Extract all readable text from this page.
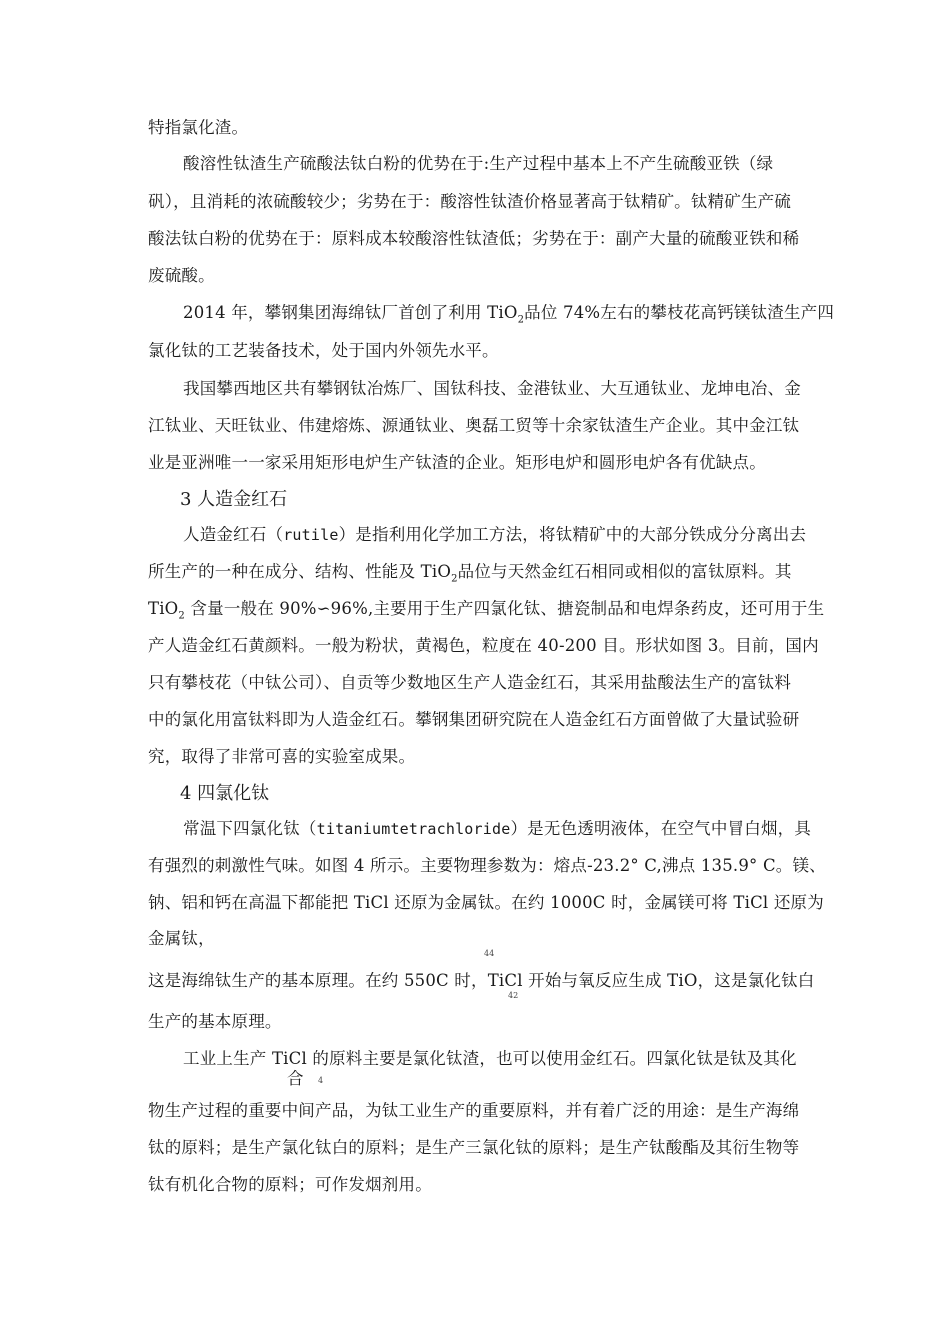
特指氯化渣。
酸溶性钛渣生产硫酸法钛白粉的优势在于:生产过程中基本上不产生硫酸亚铁（绿
矾），且消耗的浓硫酸较少；劣势在于：酸溶性钛渣价格显著高于钛精矿。钛精矿生产硫
酸法钛白粉的优势在于：原料成本较酸溶性钛渣低；劣势在于：副产大量的硫酸亚铁和稀
废硫酸。
2014 年，攀钢集团海绵钛厂首创了利用 TiO$_2$品位 74%左右的攀枝花高钙镁钛渣生产四
氯化钛的工艺装备技术，处于国内外领先水平。
我国攀西地区共有攀钢钛冶炼厂、国钛科技、金港钛业、大互通钛业、龙坤电冶、金
江钛业、天旺钛业、伟建熔炼、源通钛业、奥磊工贸等十余家钛渣生产企业。其中金江钛
业是亚洲唯一一家采用矩形电炉生产钛渣的企业。矩形电炉和圆形电炉各有优缺点。
3 人造金红石
人造金红石（rutile）是指利用化学加工方法，将钛精矿中的大部分铁成分分离出去
所生产的一种在成分、结构、性能及 TiO$_2$品位与天然金红石相同或相似的富钛原料。其
TiO$_2$ 含量一般在 90%∽96%,主要用于生产四氯化钛、搪瓷制品和电焊条药皮，还可用于生
产人造金红石黄颜料。一般为粉状，黄褐色，粒度在 40-200 目。形状如图 3。目前，国内
只有攀枝花（中钛公司）、自贡等少数地区生产人造金红石，其采用盐酸法生产的富钛料
中的氯化用富钛料即为人造金红石。攀钢集团研究院在人造金红石方面曾做了大量试验研
究，取得了非常可喜的实验室成果。
4 四氯化钛
常温下四氯化钛（titaniumtetrachloride）是无色透明液体，在空气中冒白烟，具
有强烈的刺激性气味。如图 4 所示。主要物理参数为：熔点-23.2° C,沸点 135.9° C。镁、
钠、铝和钙在高温下都能把 TiCl 还原为金属钛。在约 1000C 时，金属镁可将 TiCl 还原为
金属钛，
44
这是海绵钛生产的基本原理。在约 550C 时，TiCl 开始与氧反应生成 TiO，这是氯化钛白
42
生产的基本原理。
工业上生产 TiCl 的原料主要是氯化钛渣，也可以使用金红石。四氯化钛是钛及其化
合 4
物生产过程的重要中间产品，为钛工业生产的重要原料，并有着广泛的用途：是生产海绵
钛的原料；是生产氯化钛白的原料；是生产三氯化钛的原料；是生产钛酸酯及其衍生物等
钛有机化合物的原料；可作发烟剂用。
